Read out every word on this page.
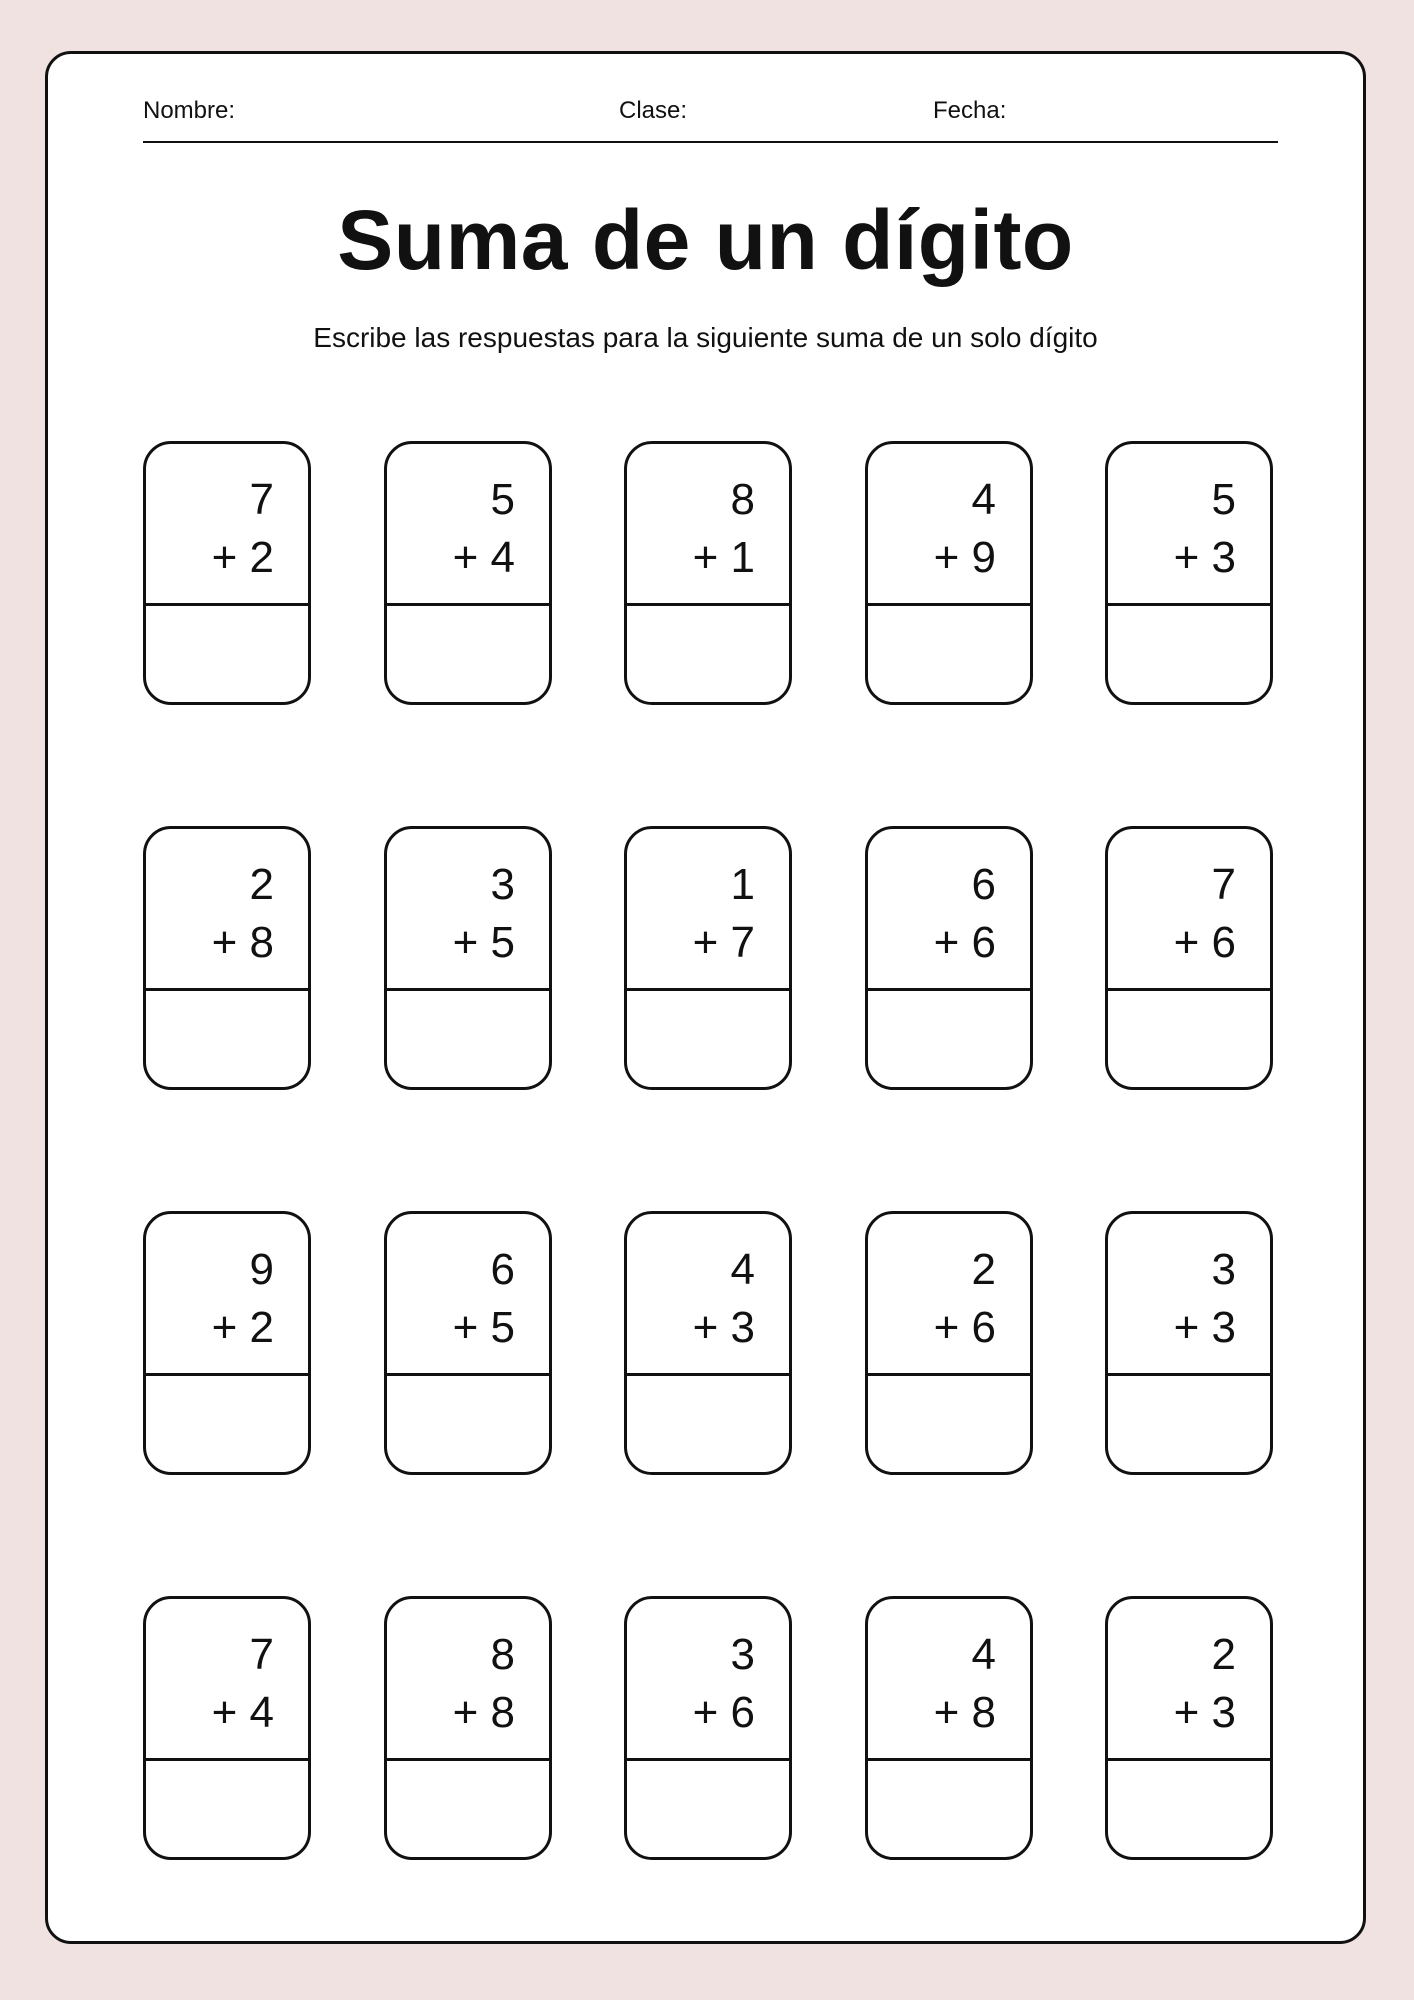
Nombre:	Clase:	Fecha:
Suma de un dígito
Escribe las respuestas para la siguiente suma de un solo dígito
7
+ 2
5
+ 4
8
+ 1
4
+ 9
5
+ 3
2
+ 8
3
+ 5
1
+ 7
6
+ 6
7
+ 6
9
+ 2
6
+ 5
4
+ 3
2
+ 6
3
+ 3
7
+ 4
8
+ 8
3
+ 6
4
+ 8
2
+ 3
